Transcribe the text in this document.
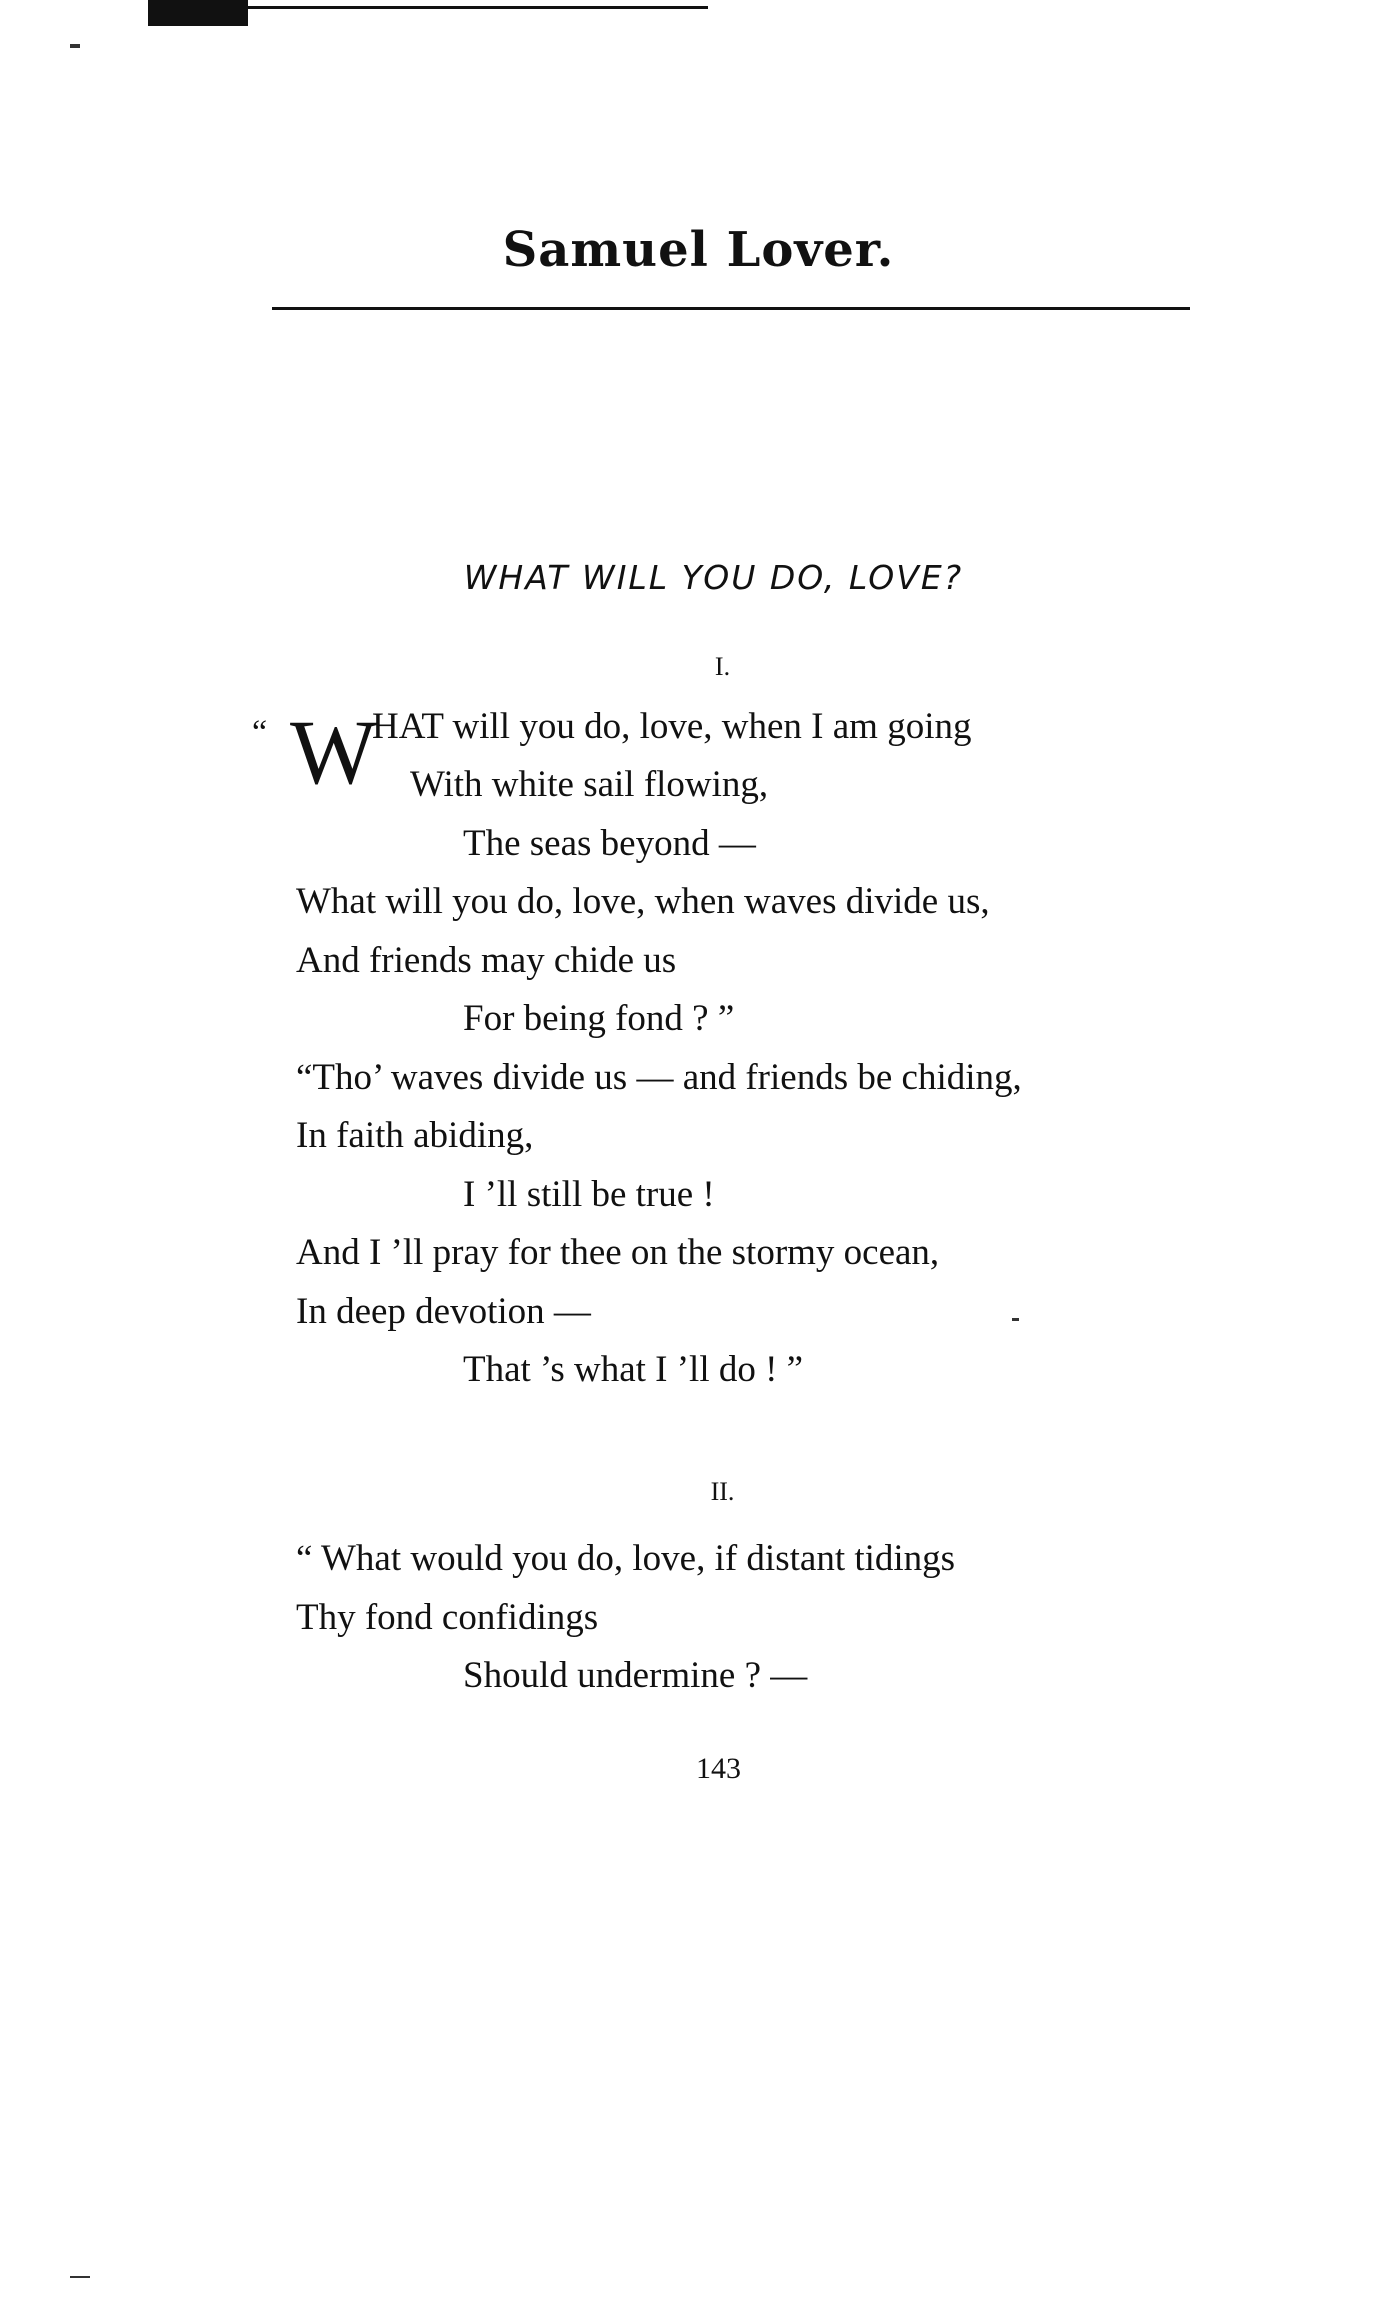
Samuel Lover.
WHAT WILL YOU DO, LOVE?
I.
“ W
HAT will you do, love, when I am going
With white sail flowing,
The seas beyond —
What will you do, love, when waves divide us,
And friends may chide us
For being fond ? ”
“Tho’ waves divide us — and friends be chiding,
In faith abiding,
I ’ll still be true !
And I ’ll pray for thee on the stormy ocean,
In deep devotion —
That ’s what I ’ll do ! ”
II.
“ What would you do, love, if distant tidings
Thy fond confidings
Should undermine ? —
143
